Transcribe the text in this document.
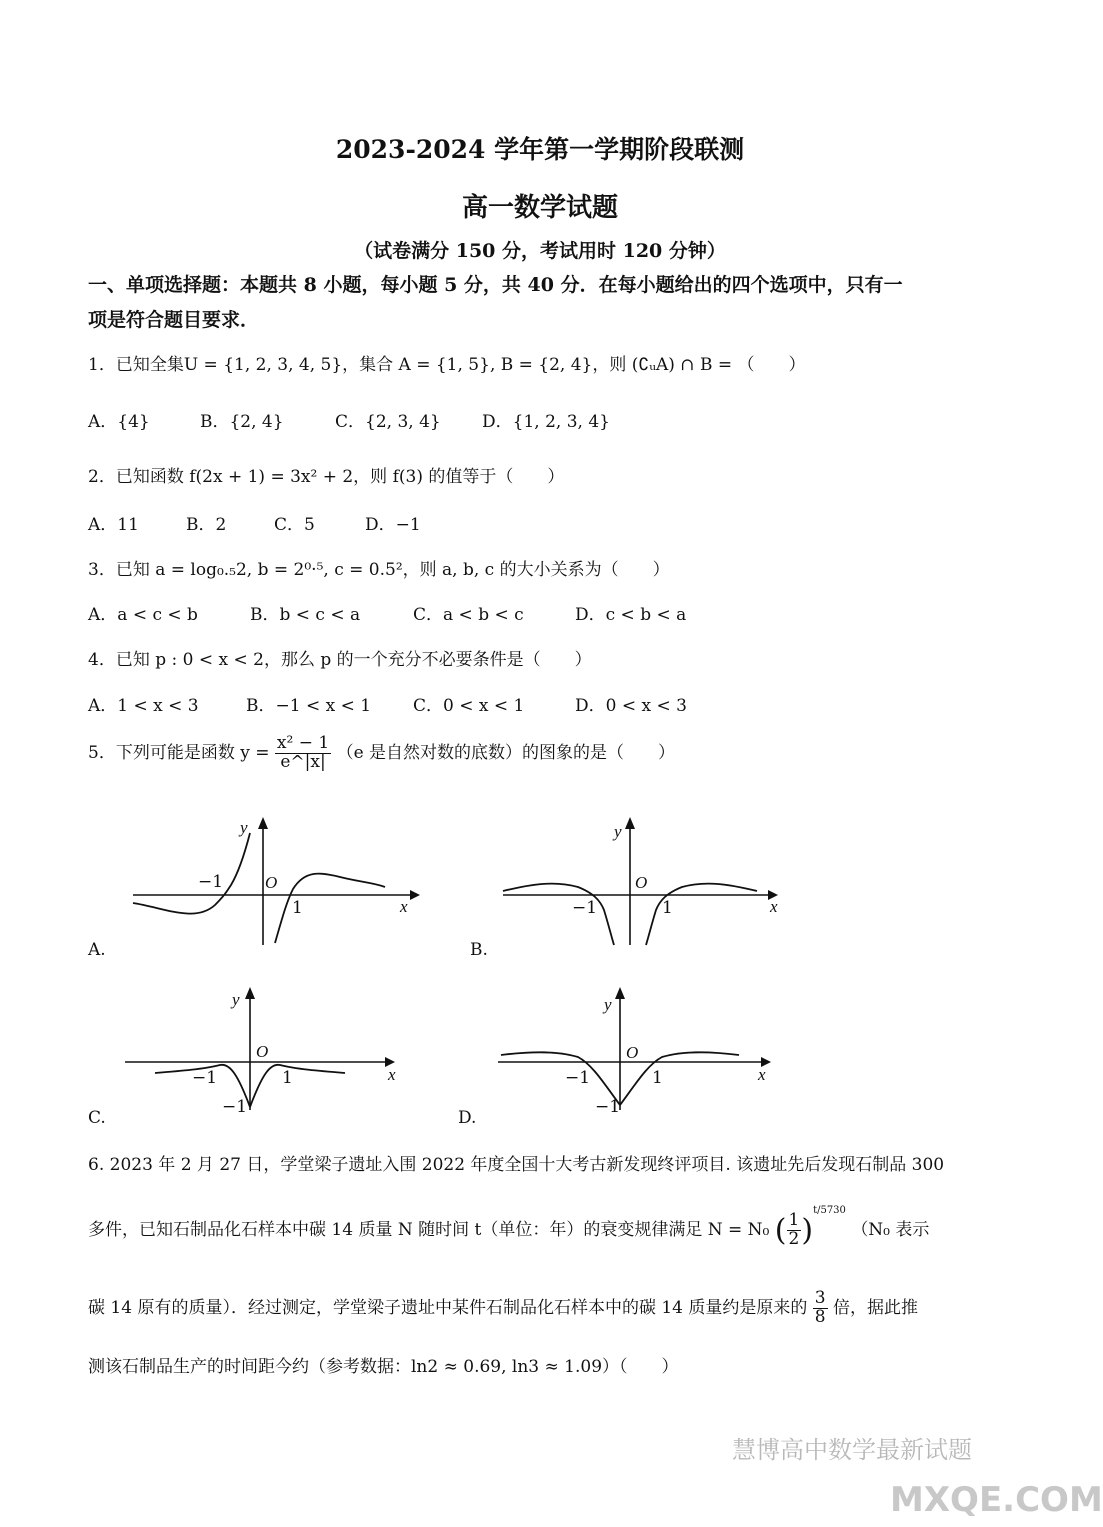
2023-2024 学年第一学期阶段联测
高一数学试题
（试卷满分 150 分，考试用时 120 分钟）
一、单项选择题：本题共 8 小题，每小题 5 分，共 40 分．在每小题给出的四个选项中，只有一
项是符合题目要求．
1．已知全集U = {1, 2, 3, 4, 5}，集合 A = {1, 5}, B = {2, 4}，则 (∁ᵤA) ∩ B = （　　）
A．{4}	B．{2, 4}	C．{2, 3, 4} D．{1, 2, 3, 4}
2．已知函数 f(2x + 1) = 3x² + 2，则 f(3) 的值等于（　　）
A．11	B．2	C．5	D．−1
3．已知 a = log₀.₅2, b = 2⁰·⁵, c = 0.5²，则 a, b, c 的大小关系为（　　）
A．a < c < b	B．b < c < a	C．a < b < c	D．c < b < a
4．已知 p : 0 < x < 2，那么 p 的一个充分不必要条件是（　　）
A．1 < x < 3	B．−1 < x < 1 C．0 < x < 1	D．0 < x < 3
5．下列可能是函数 $y = \frac{\text{x² − 1}}{e\^{}|x|} (e$ 是自然对数的底数）的图象的是（　　）
y
x
O
−1
1
A.
y
x
O
−1	1
B.
y
x
O
−1	1
−1
C.
y
x
O
−1	1
−1
D.
6. 2023 年 2 月 27 日，学堂梁子遗址入围 2022 年度全国十大考古新发现终评项目. 该遗址先后发现石制品 300
多件，已知石制品化石样本中碳 14 质量 N 随时间 t（单位：年）的衰变规律满足 N = N₀ ( $\frac{1}{2} )^{t/5730}$ （N₀ 表示
碳 14 原有的质量）．经过测定，学堂梁子遗址中某件石制品化石样本中的碳 14 质量约是原来的 $\frac{3}{8}$ 倍，据此推
测该石制品生产的时间距今约（参考数据：ln2 ≈ 0.69, ln3 ≈ 1.09）（　　）
慧博高中数学最新试题
MXQE.COM
